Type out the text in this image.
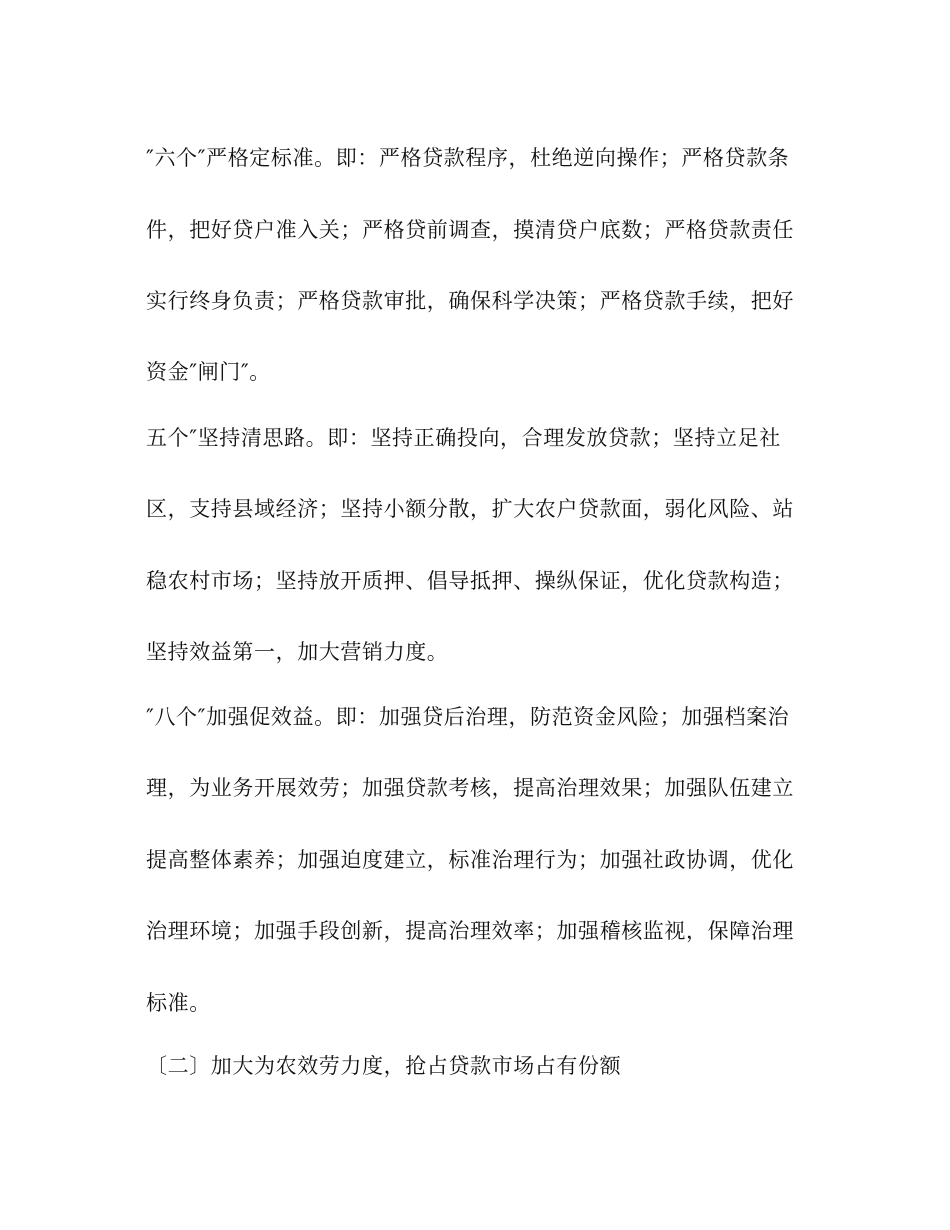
″六个″严格定标准。即：严格贷款程序，杜绝逆向操作；严格贷款条
件，把好贷户准入关；严格贷前调查，摸清贷户底数；严格贷款责任
实行终身负责；严格贷款审批，确保科学决策；严格贷款手续，把好
资金″闸门″。
五个″坚持清思路。即：坚持正确投向，合理发放贷款；坚持立足社
区，支持县域经济；坚持小额分散，扩大农户贷款面，弱化风险、站
稳农村市场；坚持放开质押、倡导抵押、操纵保证，优化贷款构造；
坚持效益第一，加大营销力度。
″八个″加强促效益。即：加强贷后治理，防范资金风险；加强档案治
理，为业务开展效劳；加强贷款考核，提高治理效果；加强队伍建立
提高整体素养；加强迫度建立，标准治理行为；加强社政协调，优化
治理环境；加强手段创新，提高治理效率；加强稽核监视，保障治理
标准。
〔二〕加大为农效劳力度，抢占贷款市场占有份额
